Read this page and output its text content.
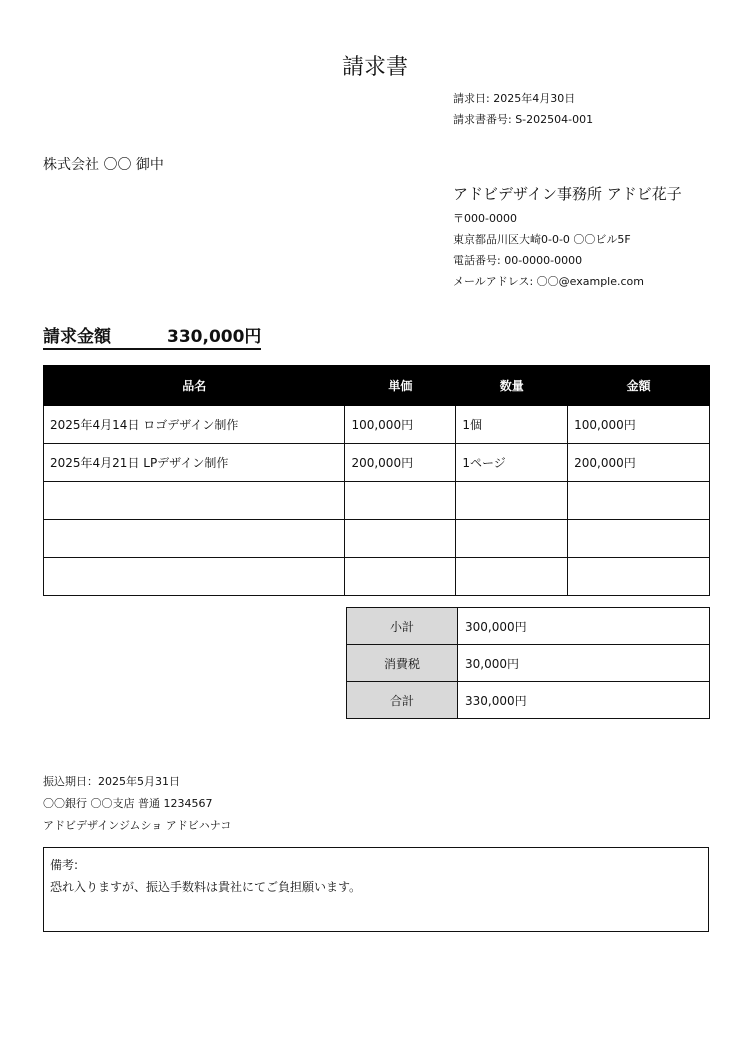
請求書
請求日: 2025年4月30日
請求書番号: S-202504-001
株式会社 〇〇 御中
アドビデザイン事務所 アドビ花子
〒000-0000
東京都品川区大崎0-0-0 〇〇ビル5F
電話番号: 00-0000-0000
メールアドレス: 〇〇@example.com
請求金額	330,000円
品名	単価	数量	金額
2025年4月14日 ロゴデザイン制作	100,000円	1個	100,000円
2025年4月21日 LPデザイン制作	200,000円	1ページ	200,000円

小計	300,000円
消費税	30,000円
合計	330,000円
振込期日：2025年5月31日
〇〇銀行 〇〇支店 普通 1234567
アドビデザインジムショ アドビハナコ
備考:
恐れ入りますが、振込手数料は貴社にてご負担願います。
